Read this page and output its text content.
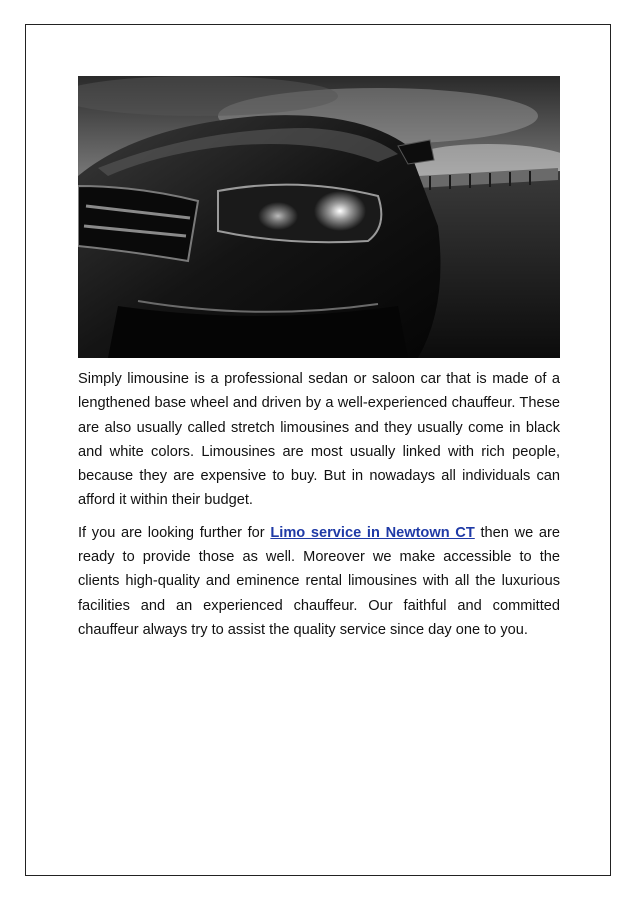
Simply limousine is a professional sedan or saloon car that is made of a lengthened base wheel and driven by a well-experienced chauffeur. These are also usually called stretch limousines and they usually come in black and white colors. Limousines are most usually linked with rich people, because they are expensive to buy. But in nowadays all individuals can afford it within their budget.

If you are looking further for Limo service in Newtown CT then we are ready to provide those as well. Moreover we make accessible to the clients high-quality and eminence rental limousines with all the luxurious facilities and an experienced chauffeur. Our faithful and committed chauffeur always try to assist the quality service since day one to you.
